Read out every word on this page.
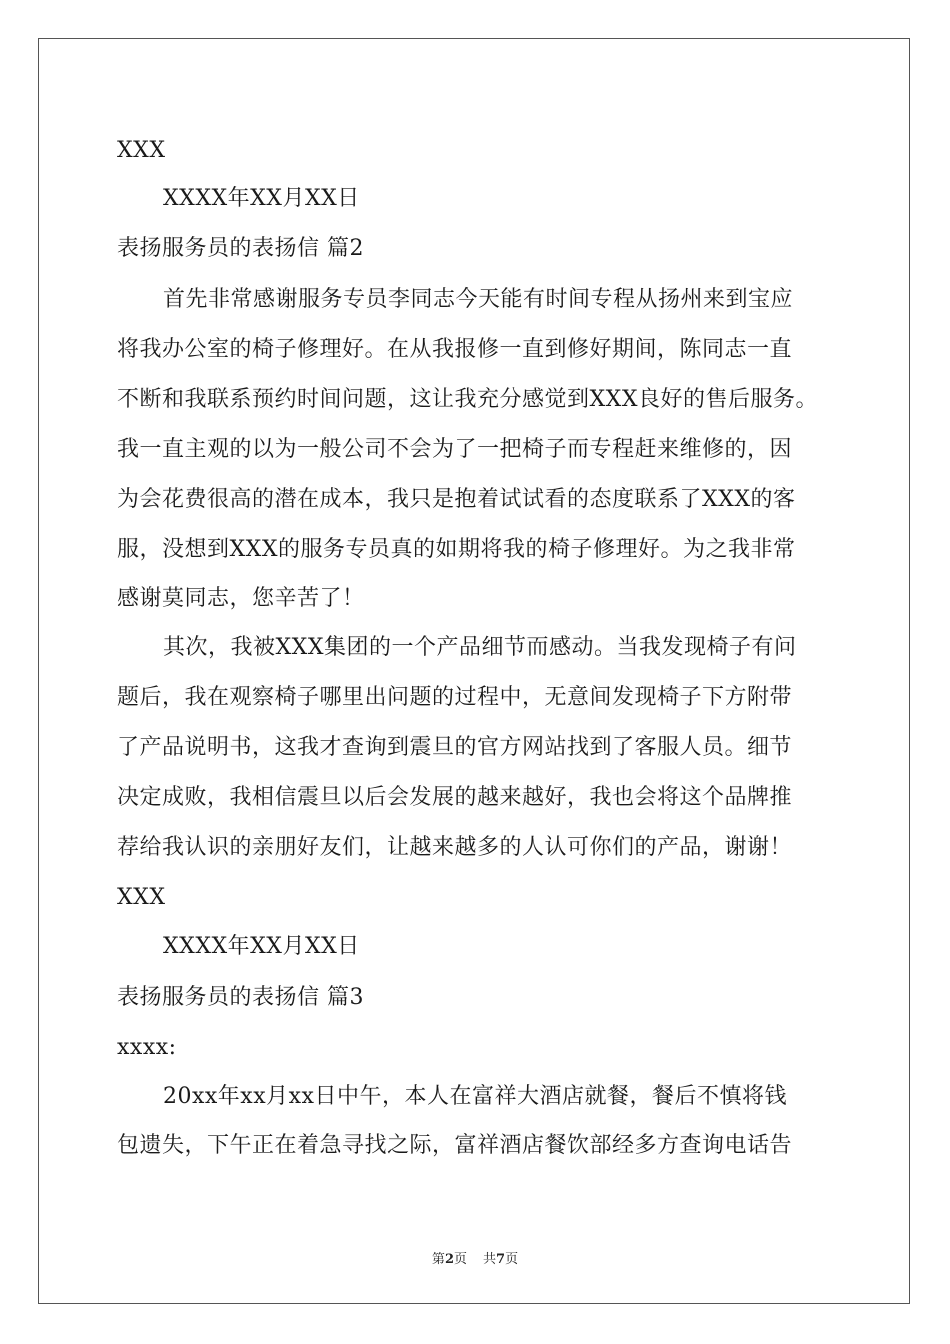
XXX
XXXX年XX月XX日
表扬服务员的表扬信 篇2
首先非常感谢服务专员李同志今天能有时间专程从扬州来到宝应
将我办公室的椅子修理好。在从我报修一直到修好期间，陈同志一直
不断和我联系预约时间问题，这让我充分感觉到XXX良好的售后服务。
我一直主观的以为一般公司不会为了一把椅子而专程赶来维修的，因
为会花费很高的潜在成本，我只是抱着试试看的态度联系了XXX的客
服，没想到XXX的服务专员真的如期将我的椅子修理好。为之我非常
感谢莫同志，您辛苦了！
其次，我被XXX集团的一个产品细节而感动。当我发现椅子有问
题后，我在观察椅子哪里出问题的过程中，无意间发现椅子下方附带
了产品说明书，这我才查询到震旦的官方网站找到了客服人员。细节
决定成败，我相信震旦以后会发展的越来越好，我也会将这个品牌推
荐给我认识的亲朋好友们，让越来越多的人认可你们的产品，谢谢！
XXX
XXXX年XX月XX日
表扬服务员的表扬信 篇3
xxxx:
20xx年xx月xx日中午，本人在富祥大酒店就餐，餐后不慎将钱
包遗失，下午正在着急寻找之际，富祥酒店餐饮部经多方查询电话告
第2页 共7页
